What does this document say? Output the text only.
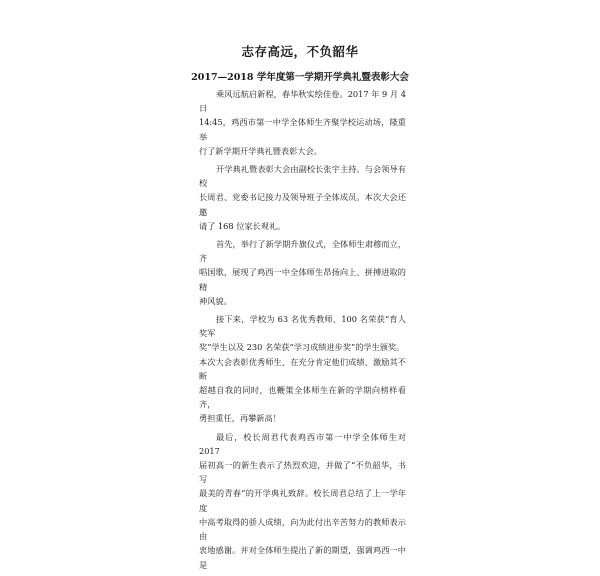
志存高远，不负韶华
2017—2018 学年度第一学期开学典礼暨表彰大会

乘风远航启新程，春华秋实绘佳卷。2017 年 9 月 4 日
14:45，鸡西市第一中学全体师生齐聚学校运动场，隆重举
行了新学期开学典礼暨表彰大会。

开学典礼暨表彰大会由副校长张宇主持。与会领导有校
长周君、党委书记接力及领导班子全体成员。本次大会还邀
请了 168 位家长观礼。

首先，举行了新学期升旗仪式，全体师生肃穆而立，齐
唱国歌，展现了鸡西一中全体师生昂扬向上、拼搏进取的精
神风貌。

接下来，学校为 63 名优秀教师、100 名荣获“育人奖军
奖”学生以及 230 名荣获“学习成绩进步奖”的学生颁奖。
本次大会表彰优秀师生，在充分肯定他们成绩、激励其不断
超越自我的同时，也鞭策全体师生在新的学期向榜样看齐，
勇担重任，再攀新高！

最后，校长周君代表鸡西市第一中学全体师生对 2017
届初高一的新生表示了热烈欢迎，并做了“不负韶华，书写
最美的青春”的开学典礼致辞。校长周君总结了上一学年度
中高考取得的骄人成绩，向为此付出辛苦努力的教师表示由
衷地感谢。并对全体师生提出了新的期望，强调鸡西一中是
